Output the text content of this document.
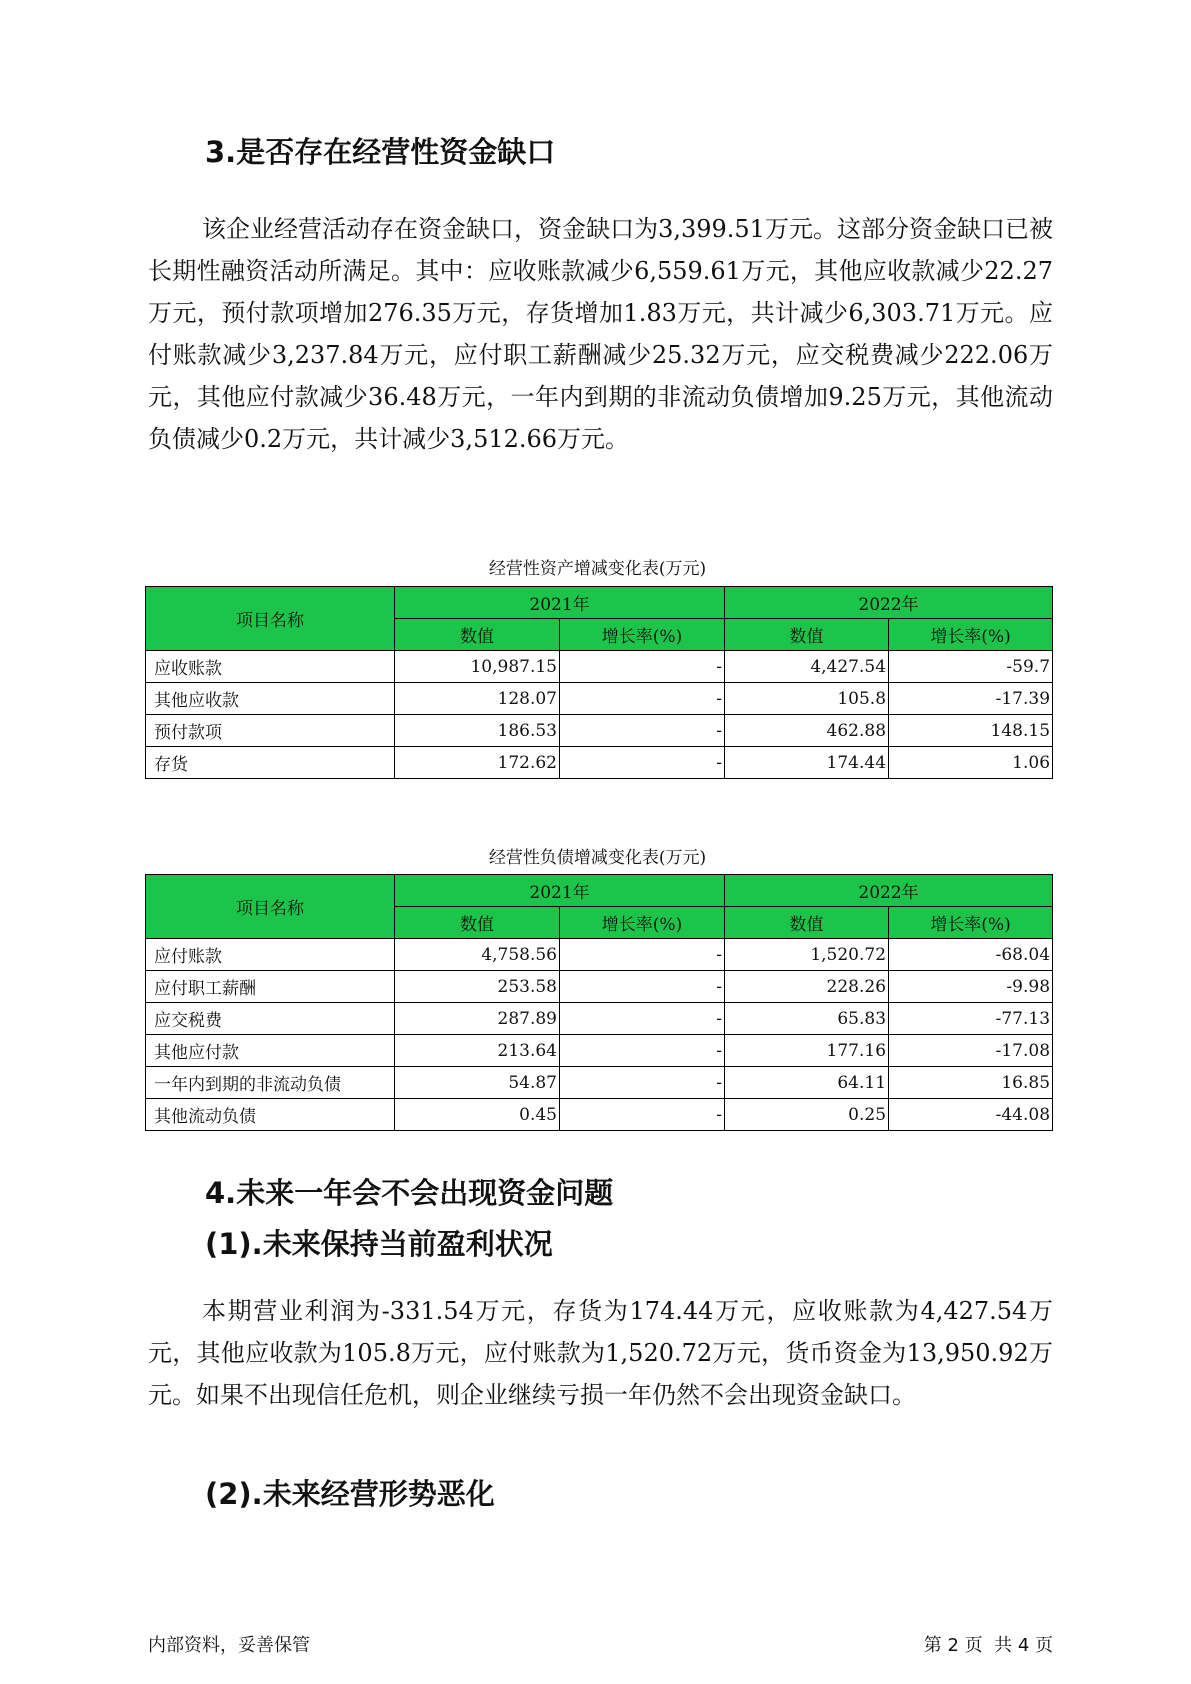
3.是否存在经营性资金缺口

该企业经营活动存在资金缺口，资金缺口为3,399.51万元。这部分资金缺口已被长期性融资活动所满足。其中：应收账款减少6,559.61万元，其他应收款减少22.27万元，预付款项增加276.35万元，存货增加1.83万元，共计减少6,303.71万元。应付账款减少3,237.84万元，应付职工薪酬减少25.32万元，应交税费减少222.06万元，其他应付款减少36.48万元，一年内到期的非流动负债增加9.25万元，其他流动负债减少0.2万元，共计减少3,512.66万元。

经营性资产增减变化表(万元)
项目名称	2021年		2022年	
	数值	增长率(%)	数值	增长率(%)
应收账款	10,987.15	-	4,427.54	-59.7
其他应收款	128.07	-	105.8	-17.39
预付款项	186.53	-	462.88	148.15
存货	172.62	-	174.44	1.06
经营性负债增减变化表(万元)
项目名称	2021年		2022年	
	数值	增长率(%)	数值	增长率(%)
应付账款	4,758.56	-	1,520.72	-68.04
应付职工薪酬	253.58	-	228.26	-9.98
应交税费	287.89	-	65.83	-77.13
其他应付款	213.64	-	177.16	-17.08
一年内到期的非流动负债	54.87	-	64.11	16.85
其他流动负债	0.45	-	0.25	-44.08
4.未来一年会不会出现资金问题
(1).未来保持当前盈利状况

本期营业利润为-331.54万元，存货为174.44万元，应收账款为4,427.54万元，其他应收款为105.8万元，应付账款为1,520.72万元，货币资金为13,950.92万元。如果不出现信任危机，则企业继续亏损一年仍然不会出现资金缺口。

(2).未来经营形势恶化
内部资料，妥善保管	第 2 页  共 4 页
